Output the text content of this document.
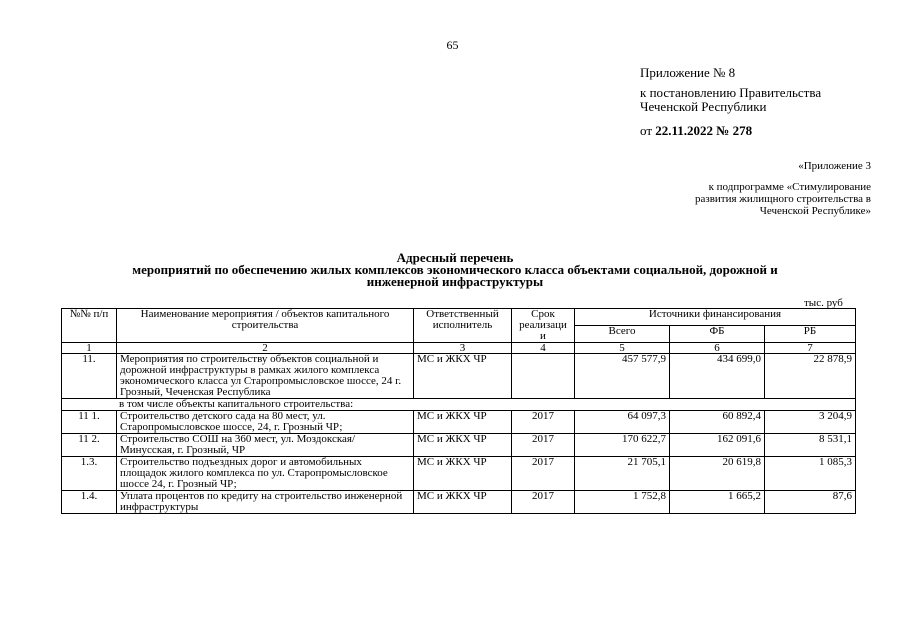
65
Приложение № 8
к постановлению Правительства
Чеченской Республики
от 22.11.2022 № 278
«Приложение 3
к подпрограмме «Стимулирование
развития жилищного строительства в
Чеченской Республике»
Адресный перечень
мероприятий по обеспечению жилых комплексов экономического класса объектами социальной, дорожной и
инженерной инфраструктуры
тыс. руб
№№ п/п	Наименование мероприятия / объектов капитального строительства	Ответственный исполнитель	Срок реализаци и	Источники финансирования		
				Всего	ФБ	РБ
1	2	3	4	5	6	7
11.	Мероприятия по строительству объектов социальной и дорожной инфраструктуры в рамках жилого комплекса экономического класса ул Старопромысловское шоссе, 24 г. Грозный, Чеченская Республика	МС и ЖКХ ЧР		457 577,9	434 699,0	22 878,9
в том числе объекты капитального строительства:						
11 1.	Строительство детского сада на 80 мест, ул. Старопромысловское шоссе, 24, г. Грозный ЧР;	МС и ЖКХ ЧР	2017	64 097,3	60 892,4	3 204,9
11 2.	Строительство СОШ на 360 мест, ул. Моздокская/ Минусская, г. Грозный, ЧР	МС и ЖКХ ЧР	2017	170 622,7	162 091,6	8 531,1
1.3.	Строительство подъездных дорог и автомобильных площадок жилого комплекса по ул. Старопромысловское шоссе 24, г. Грозный ЧР;	МС и ЖКХ ЧР	2017	21 705,1	20 619,8	1 085,3
1.4.	Уплата процентов по кредиту на строительство инженерной инфраструктуры	МС и ЖКХ ЧР	2017	1 752,8	1 665,2	87,6
